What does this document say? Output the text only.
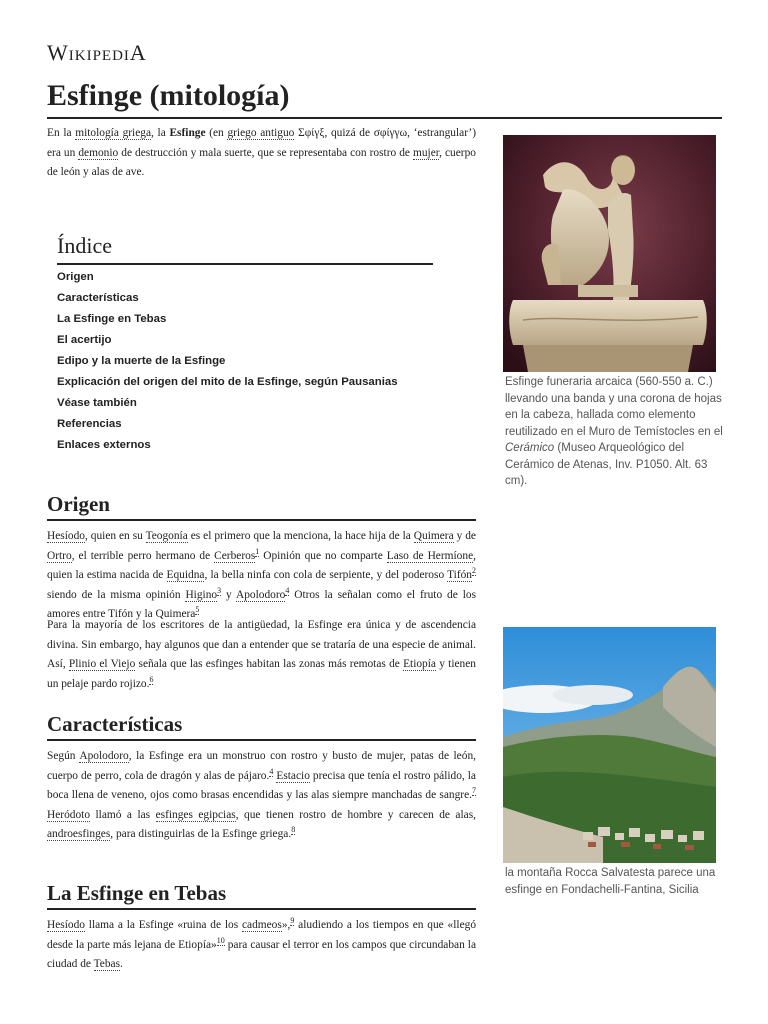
WikipediA
Esfinge (mitología)

En la mitología griega, la Esfinge (en griego antiguo Σφίγξ, quizá de σφίγγω, ‘estrangular’) era un demonio de destrucción y mala suerte, que se representaba con rostro de mujer, cuerpo de león y alas de ave.

Índice
Origen
Características
La Esfinge en Tebas
El acertijo
Edipo y la muerte de la Esfinge
Explicación del origen del mito de la Esfinge, según Pausanias
Véase también
Referencias
Enlaces externos
Origen

Hesíodo, quien en su Teogonía es el primero que la menciona, la hace hija de la Quimera y de Ortro, el terrible perro hermano de Cerberos$^1$ Opinión que no comparte Laso de Hermíone, quien la estima nacida de Equidna, la bella ninfa con cola de serpiente, y del poderoso Tifón$^2$ siendo de la misma opinión Higino$^3$ y Apolodoro$^4$ Otros la señalan como el fruto de los amores entre Tifón y la Quimera$^5$

Para la mayoría de los escritores de la antigüedad, la Esfinge era única y de ascendencia divina. Sin embargo, hay algunos que dan a entender que se trataría de una especie de animal. Así, Plinio el Viejo señala que las esfinges habitan las zonas más remotas de Etiopía y tienen un pelaje pardo rojizo.$^6$

Características

Según Apolodoro, la Esfinge era un monstruo con rostro y busto de mujer, patas de león, cuerpo de perro, cola de dragón y alas de pájaro.$^4$ Estacio precisa que tenía el rostro pálido, la boca llena de veneno, ojos como brasas encendidas y las alas siempre manchadas de sangre.$^7$ Heródoto llamó a las esfinges egipcias, que tienen rostro de hombre y carecen de alas, androesfinges, para distinguirlas de la Esfinge griega.$^8$

La Esfinge en Tebas

Hesíodo llama a la Esfinge «ruina de los cadmeos»,$^9$ aludiendo a los tiempos en que «llegó desde la parte más lejana de Etiopía»$^{10}$ para causar el terror en los campos que circundaban la ciudad de Tebas.

Esfinge funeraria arcaica (560-550 a. C.) llevando una banda y una corona de hojas en la cabeza, hallada como elemento reutilizado en el Muro de Temístocles en el Cerámico (Museo Arqueológico del Cerámico de Atenas, Inv. P1050. Alt. 63 cm).

la montaña Rocca Salvatesta parece una esfinge en Fondachelli-Fantina, Sicilia
